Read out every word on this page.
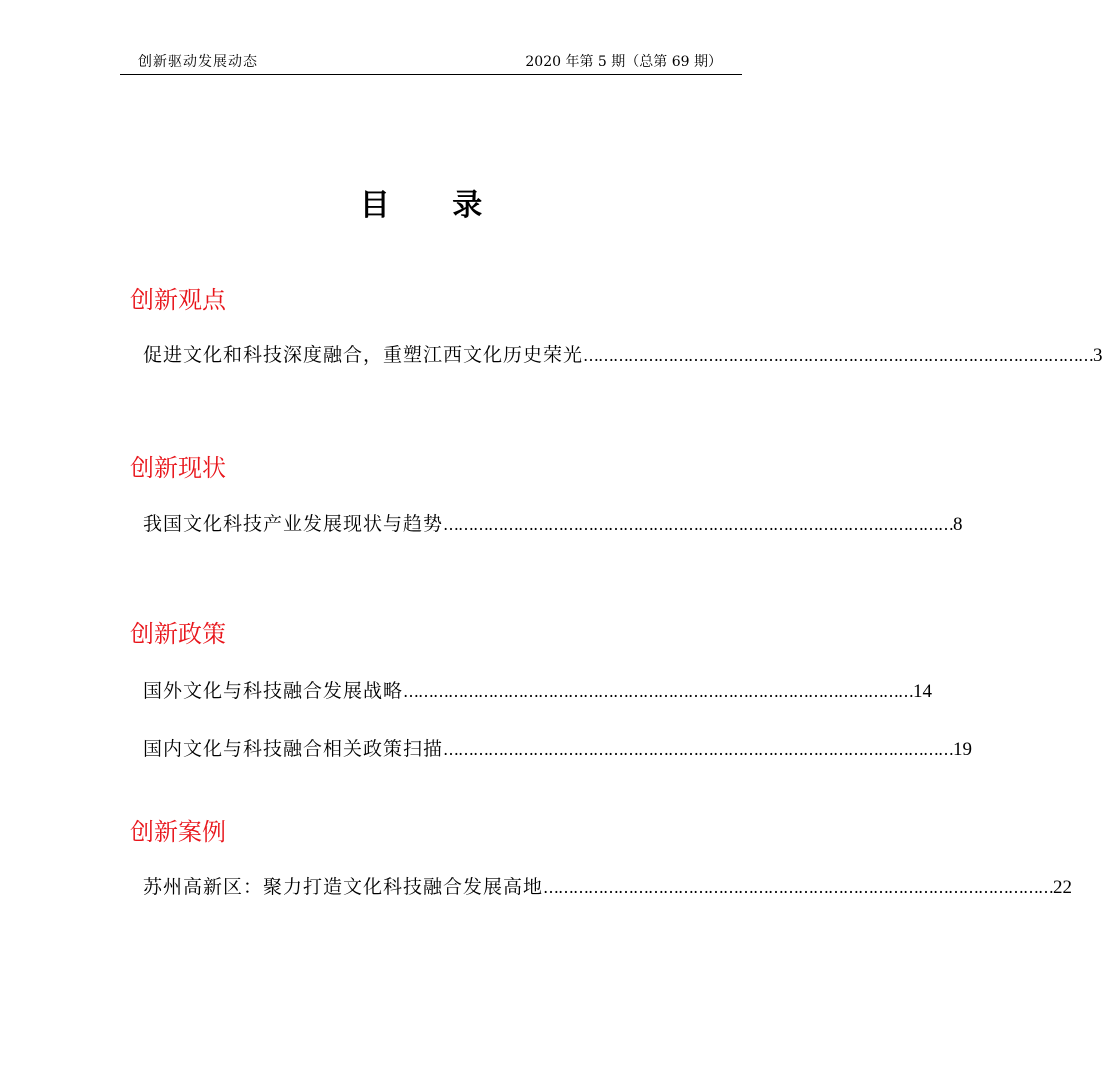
创新驱动发展动态	2020 年第 5 期（总第 69 期）
目 录
创新观点
促进文化和科技深度融合，重塑江西文化历史荣光 ………………………………………………………………………………………… 3
创新现状
我国文化科技产业发展现状与趋势 ………………………………………………………………………………………… 8
创新政策
国外文化与科技融合发展战略 ………………………………………………………………………………………… 14
国内文化与科技融合相关政策扫描 ………………………………………………………………………………………… 19
创新案例
苏州高新区：聚力打造文化科技融合发展高地 ………………………………………………………………………………………… 22
